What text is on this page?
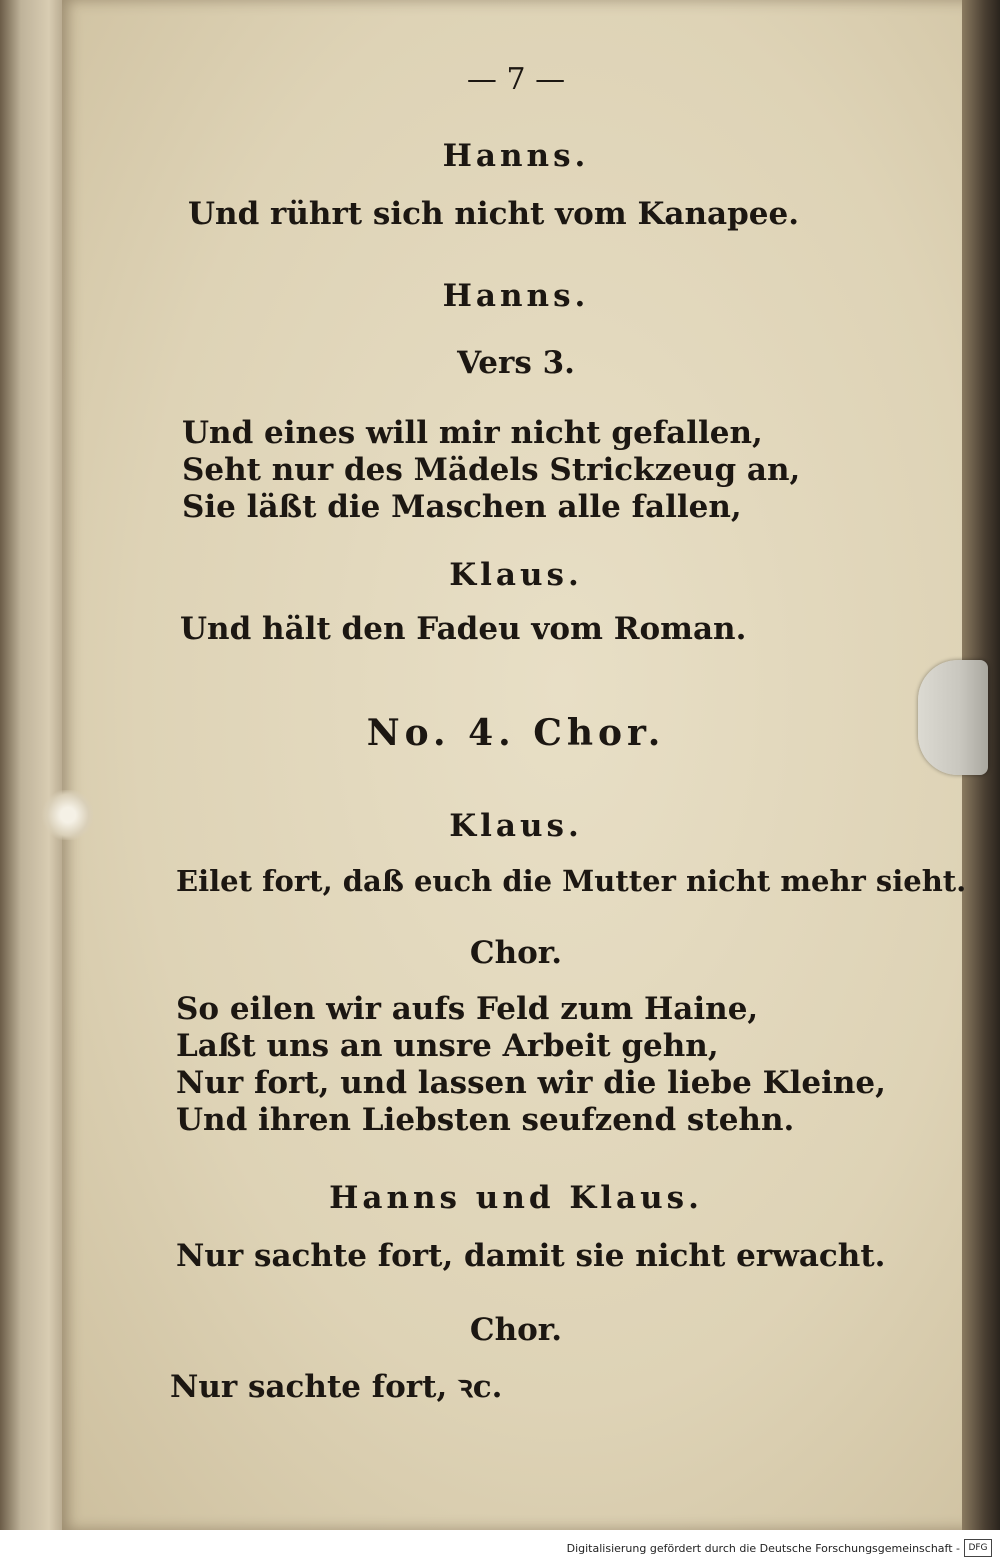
— 7 —
Hanns.
Und rührt sich nicht vom Kanapee.
Hanns.
Vers 3.
Und eines will mir nicht gefallen,
Seht nur des Mädels Strickzeug an,
Sie läßt die Maschen alle fallen,
Klaus.
Und hält den Fadeu vom Roman.
No. 4. Chor.
Klaus.
Eilet fort, daß euch die Mutter nicht mehr sieht.
Chor.
So eilen wir aufs Feld zum Haine,
Laßt uns an unsre Arbeit gehn,
Nur fort, und lassen wir die liebe Kleine,
Und ihren Liebsten seufzend stehn.
Hanns und Klaus.
Nur sachte fort, damit sie nicht erwacht.
Chor.
Nur sachte fort, ꝛc.
Digitalisierung gefördert durch die Deutsche Forschungsgemeinschaft - DFG
